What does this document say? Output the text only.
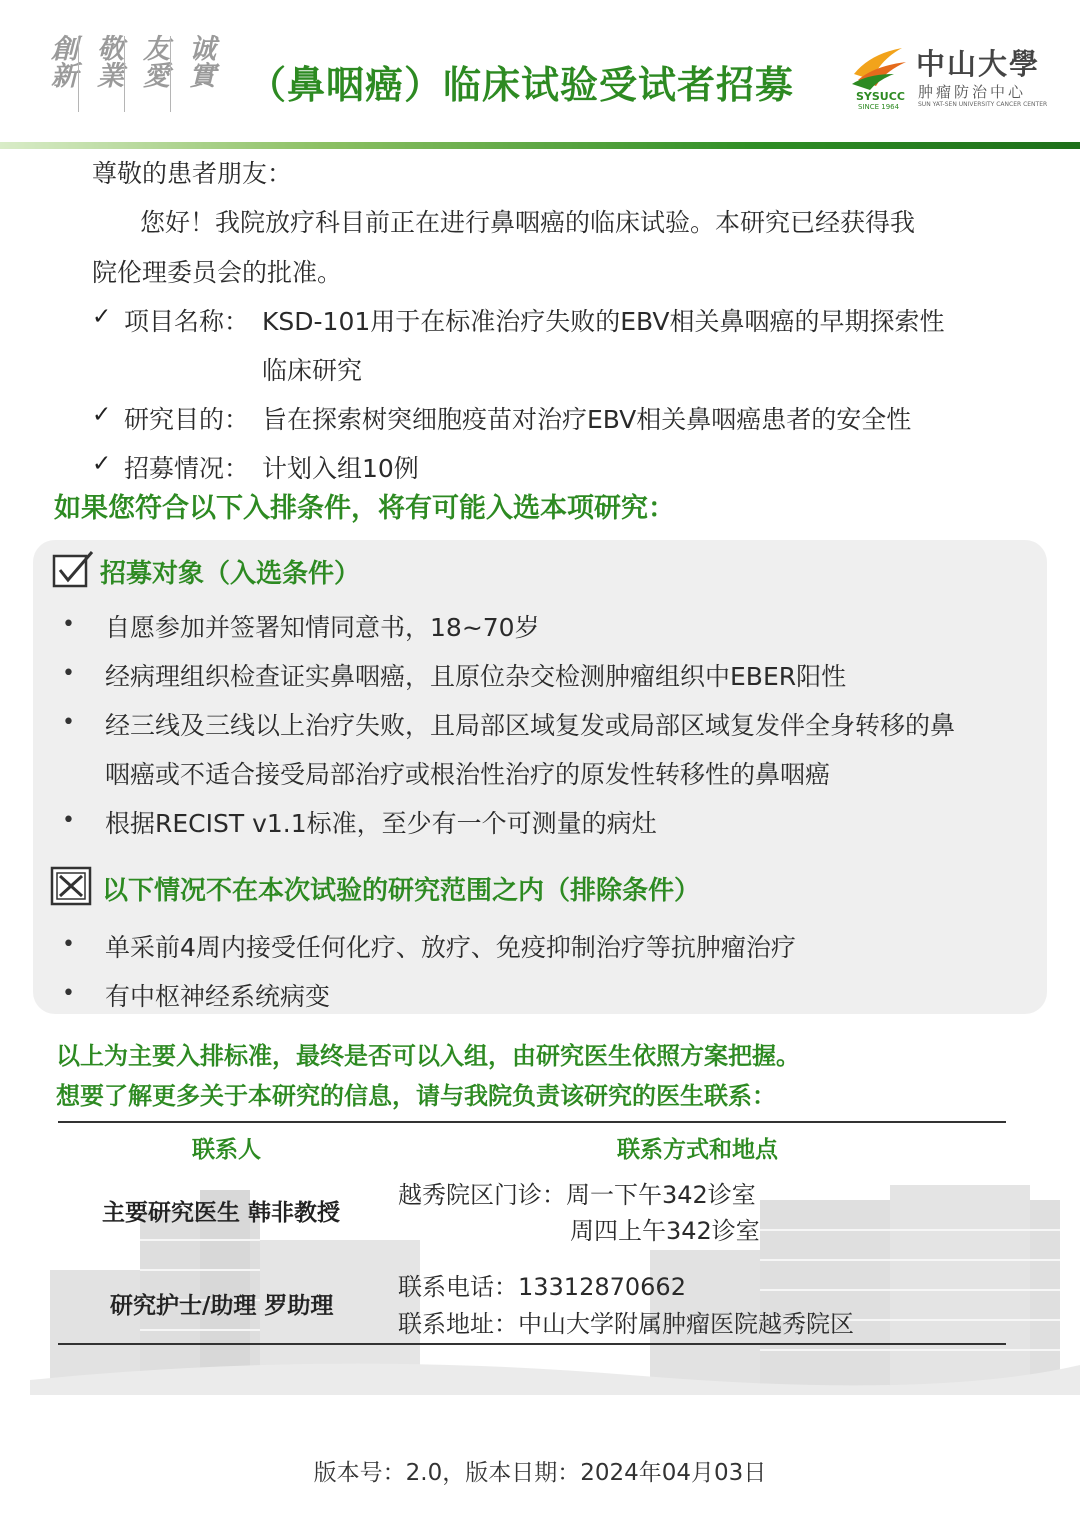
創新 敬業 友愛 诚實 （鼻咽癌）临床试验受试者招募	SYSUCC
SINCE 1964
中山大學
肿瘤防治中心
SUN YAT-SEN UNIVERSITY CANCER CENTER
尊敬的患者朋友：
您好！我院放疗科目前正在进行鼻咽癌的临床试验。本研究已经获得我
院伦理委员会的批准。
✓ 项目名称： KSD-101用于在标准治疗失败的EBV相关鼻咽癌的早期探索性
临床研究
✓ 研究目的： 旨在探索树突细胞疫苗对治疗EBV相关鼻咽癌患者的安全性
✓ 招募情况： 计划入组10例
如果您符合以下入排条件，将有可能入选本项研究：
招募对象（入选条件）
• 自愿参加并签署知情同意书，18~70岁
• 经病理组织检查证实鼻咽癌，且原位杂交检测肿瘤组织中EBER阳性
• 经三线及三线以上治疗失败，且局部区域复发或局部区域复发伴全身转移的鼻
咽癌或不适合接受局部治疗或根治性治疗的原发性转移性的鼻咽癌
• 根据RECIST v1.1标准，至少有一个可测量的病灶
以下情况不在本次试验的研究范围之内（排除条件）
• 单采前4周内接受任何化疗、放疗、免疫抑制治疗等抗肿瘤治疗
• 有中枢神经系统病变
以上为主要入排标准，最终是否可以入组，由研究医生依照方案把握。
想要了解更多关于本研究的信息，请与我院负责该研究的医生联系：
联系人	联系方式和地点
主要研究医生 韩非教授
越秀院区门诊：周一下午342诊室
周四上午342诊室
研究护士/助理 罗助理
联系电话：13312870662
联系地址：中山大学附属肿瘤医院越秀院区
版本号：2.0，版本日期：2024年04月03日
